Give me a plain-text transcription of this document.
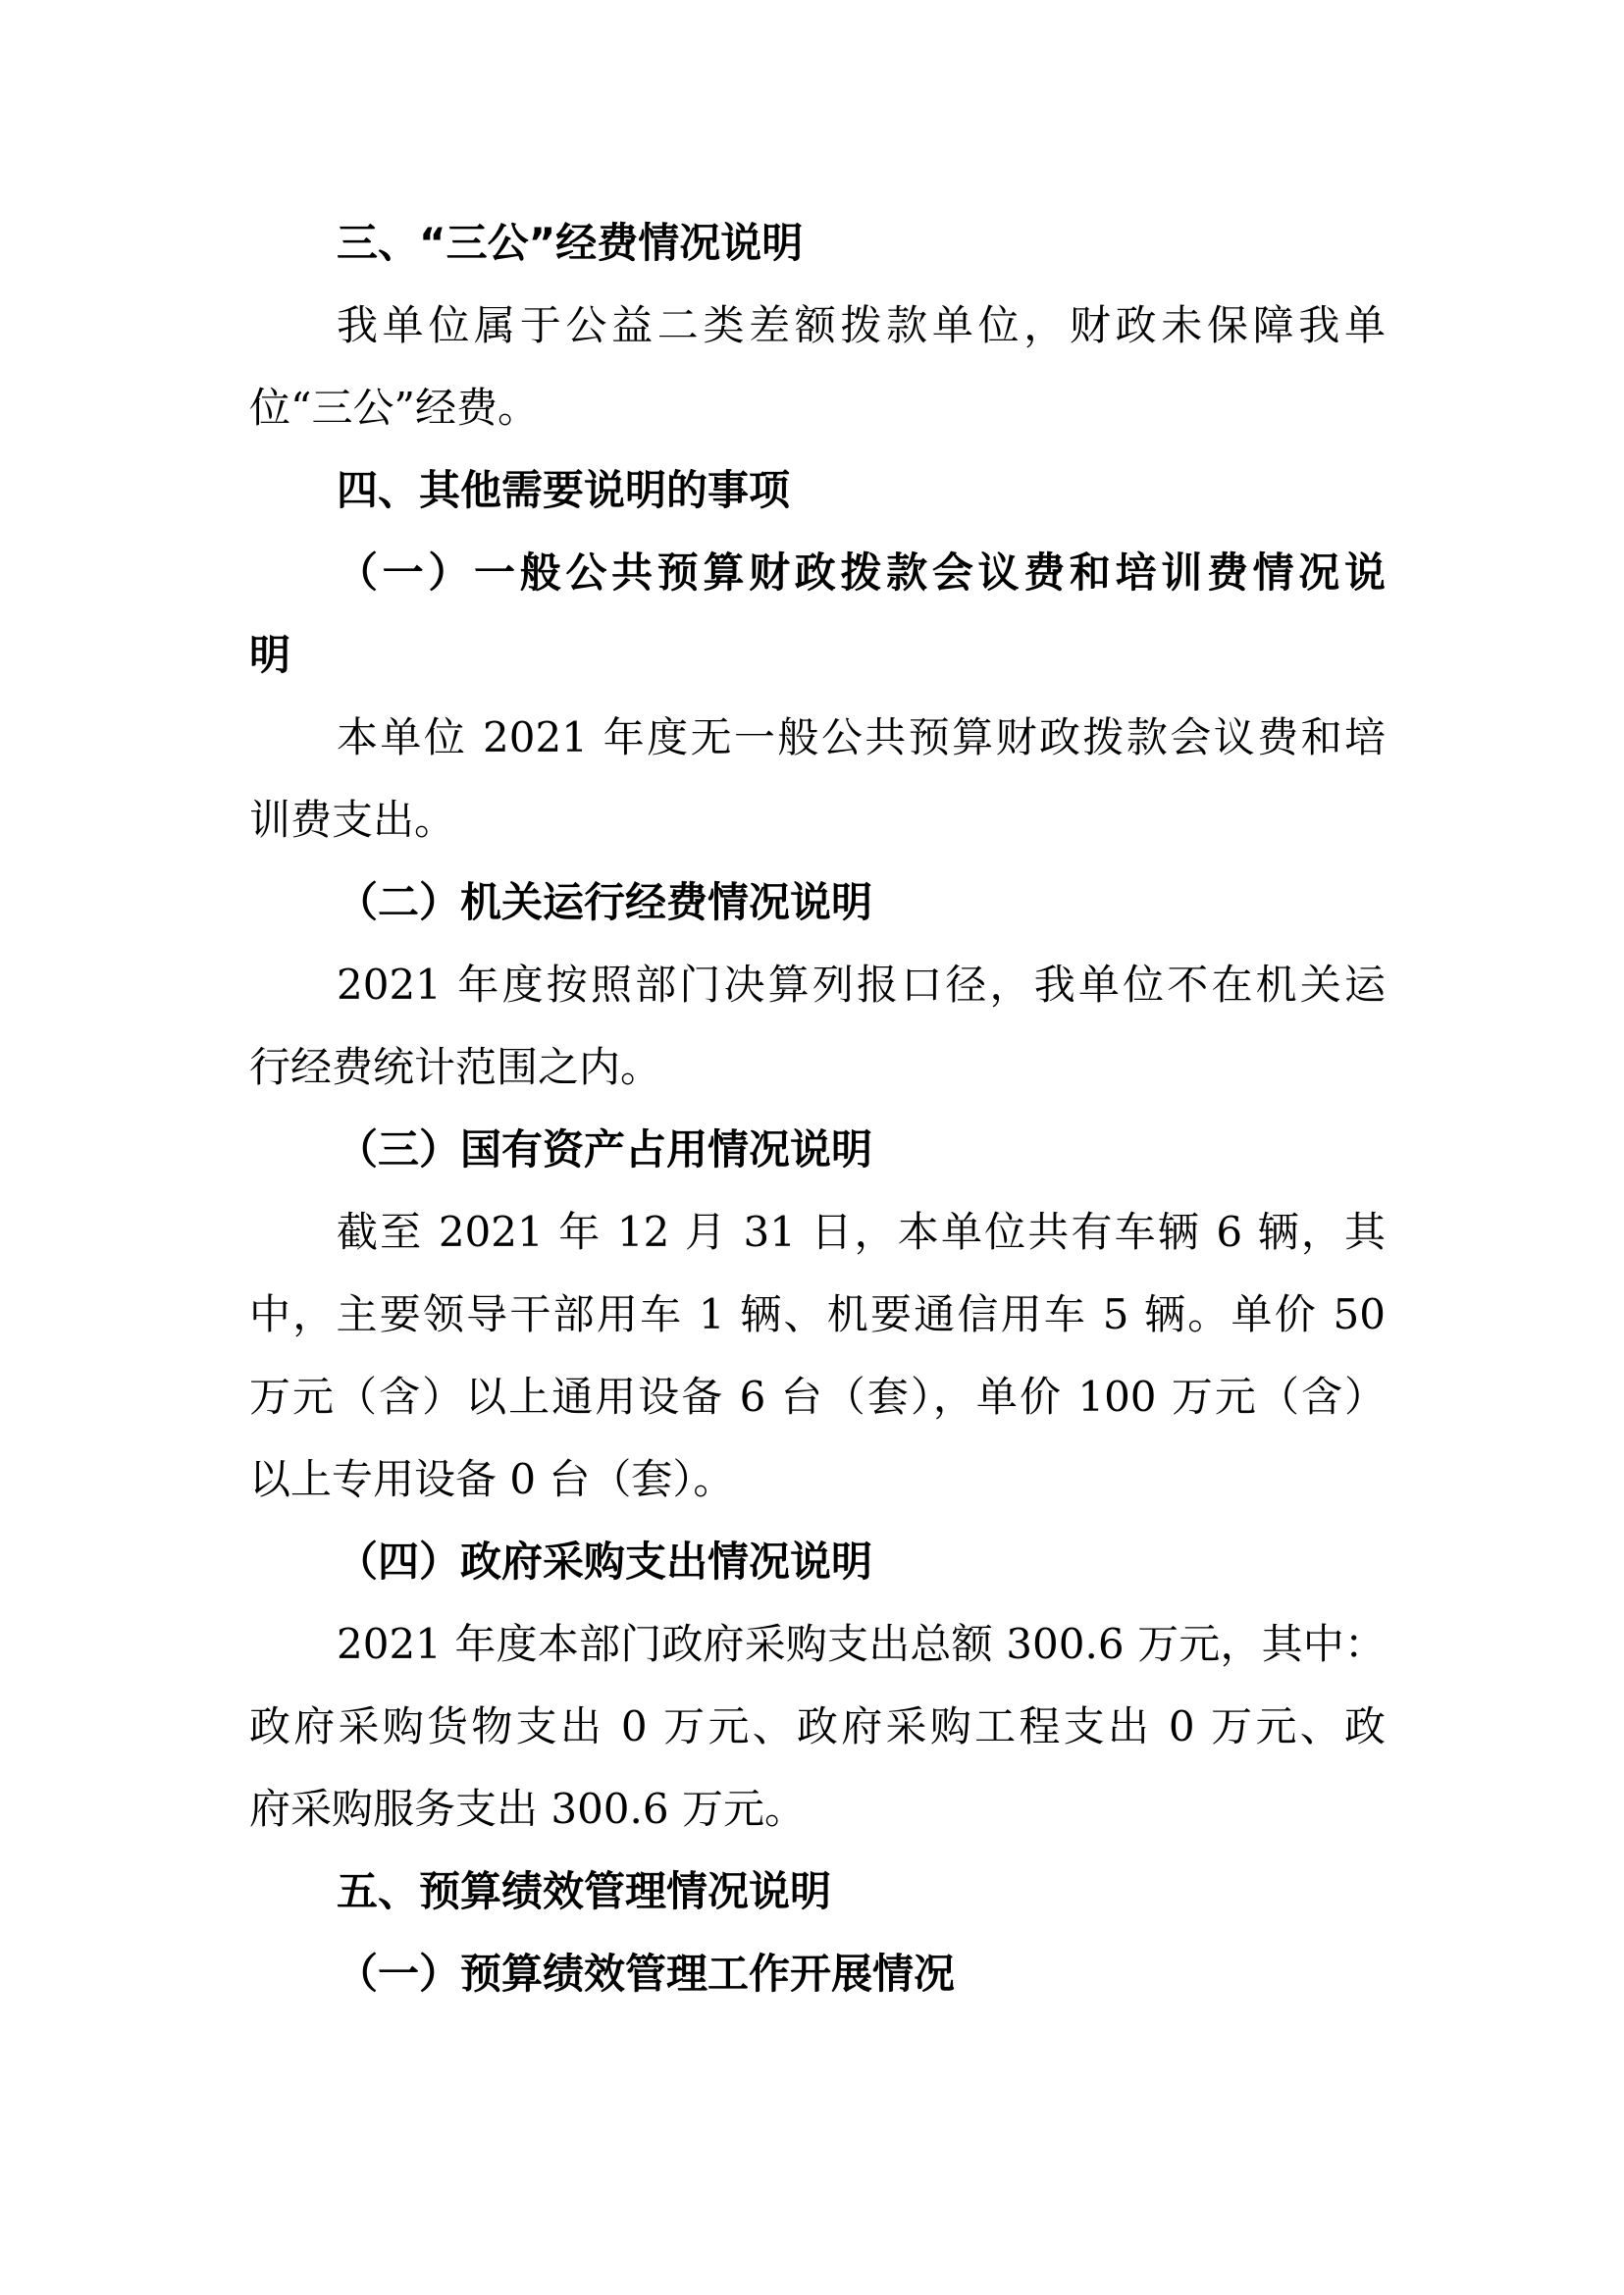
三、“三公”经费情况说明
我单位属于公益二类差额拨款单位，财政未保障我单
位“三公”经费。
四、其他需要说明的事项
（一）一般公共预算财政拨款会议费和培训费情况说
明
本单位 2021 年度无一般公共预算财政拨款会议费和培
训费支出。
（二）机关运行经费情况说明
2021 年度按照部门决算列报口径，我单位不在机关运
行经费统计范围之内。
（三）国有资产占用情况说明
截至 2021 年 12 月 31 日，本单位共有车辆 6 辆，其
中，主要领导干部用车 1 辆、机要通信用车 5 辆。单价 50
万元（含）以上通用设备 6 台（套），单价 100 万元（含）
以上专用设备 0 台（套）。
（四）政府采购支出情况说明
2021 年度本部门政府采购支出总额 300.6 万元，其中：
政府采购货物支出 0 万元、政府采购工程支出 0 万元、政
府采购服务支出 300.6 万元。
五、预算绩效管理情况说明
（一）预算绩效管理工作开展情况
